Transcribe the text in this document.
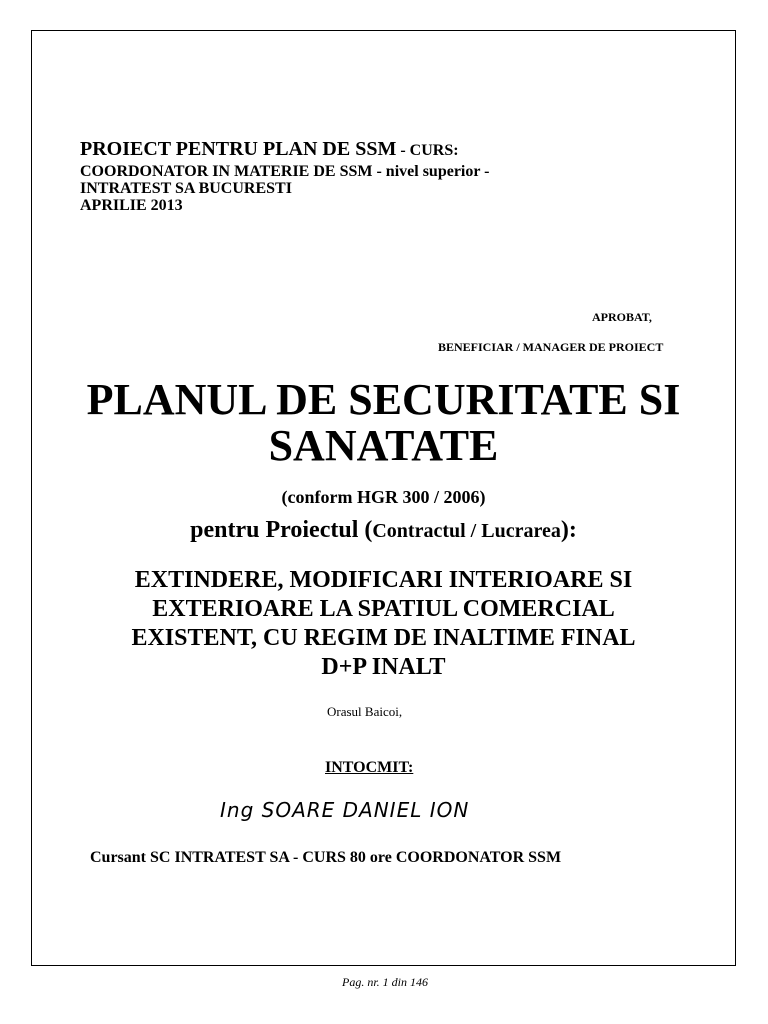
PROIECT PENTRU PLAN DE SSM - CURS:
COORDONATOR IN MATERIE DE SSM - nivel superior -
INTRATEST SA BUCURESTI
APRILIE 2013
APROBAT,
BENEFICIAR / MANAGER DE PROIECT
PLANUL DE SECURITATE SI
SANATATE
(conform HGR 300 / 2006)
pentru Proiectul (Contractul / Lucrarea):
EXTINDERE, MODIFICARI INTERIOARE SI
EXTERIOARE LA SPATIUL COMERCIAL
EXISTENT, CU REGIM DE INALTIME FINAL
D+P INALT
Orasul Baicoi,
INTOCMIT:
Ing SOARE DANIEL ION
Cursant SC INTRATEST SA - CURS 80 ore COORDONATOR SSM
Pag. nr. 1 din 146
